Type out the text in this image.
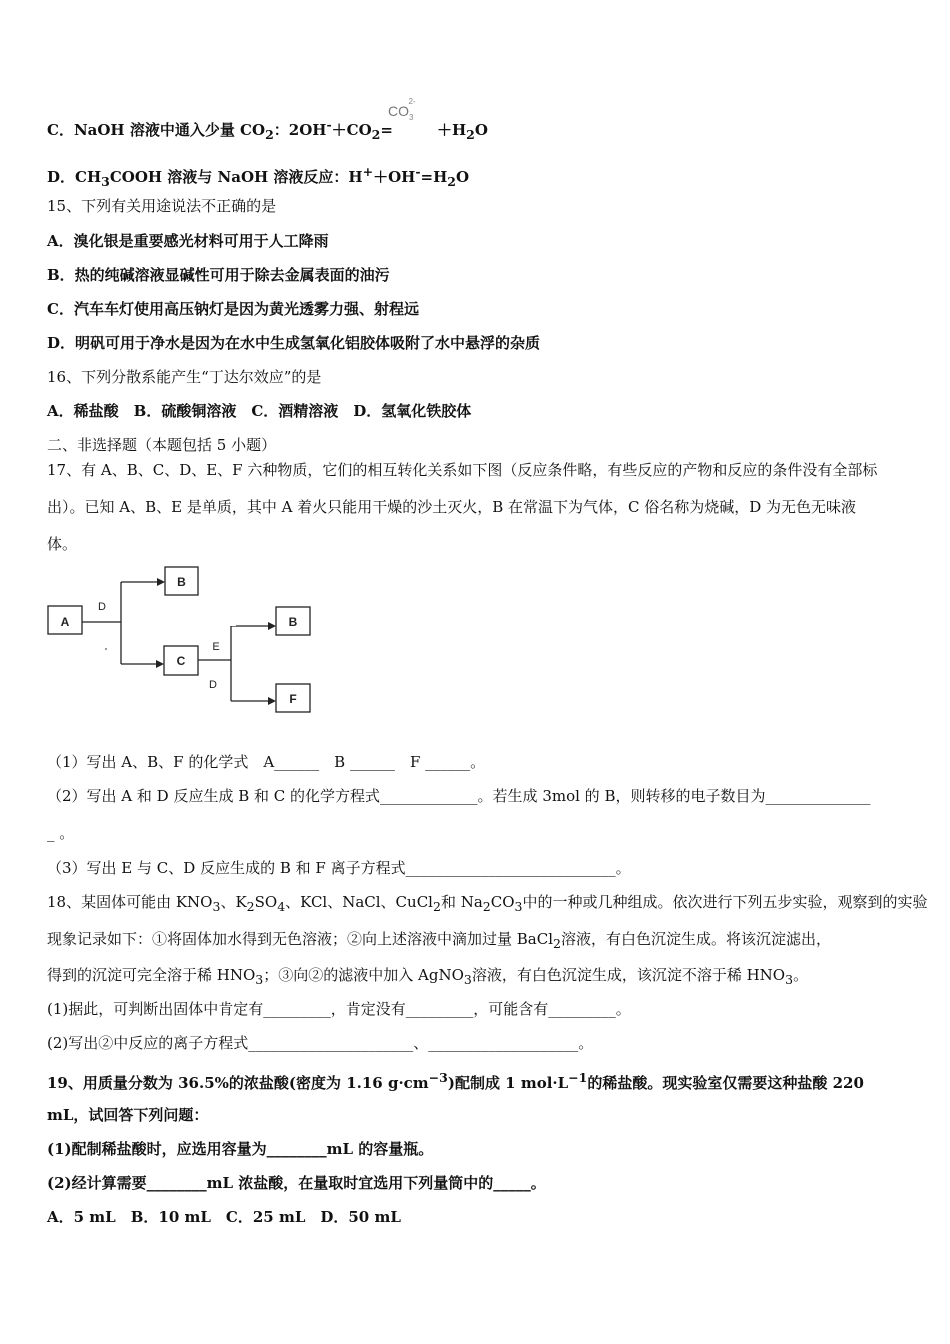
C．NaOH 溶液中通入少量 $CO_2$：$2OH^-+CO_2=$	$+H_2O$
$CO_3^{2-}$
D．$CH_3COOH$ 溶液与 NaOH 溶液反应：$H^++OH^-=H_2O$
15、下列有关用途说法不正确的是
A．溴化银是重要感光材料可用于人工降雨
B．热的纯碱溶液显碱性可用于除去金属表面的油污
C．汽车车灯使用高压钠灯是因为黄光透雾力强、射程远
D．明矾可用于净水是因为在水中生成氢氧化铝胶体吸附了水中悬浮的杂质
16、下列分散系能产生“丁达尔效应”的是
A．稀盐酸　B．硫酸铜溶液　C．酒精溶液　D．氢氧化铁胶体
二、非选择题（本题包括 5 小题）
17、有 A、B、C、D、E、F 六种物质，它们的相互转化关系如下图（反应条件略，有些反应的产物和反应的条件没有全部标
出）。已知 A、B、E 是单质，其中 A 着火只能用干燥的沙土灭火，B 在常温下为气体，C 俗名称为烧碱，D 为无色无味液
体。
A
B
C
B
F
D
E
D
（1）写出 A、B、F 的化学式　A______　B ______　F ______。
（2）写出 A 和 D 反应生成 B 和 C 的化学方程式_____________。若生成 3mol 的 B，则转移的电子数目为______________
_ 。
（3）写出 E 与 C、D 反应生成的 B 和 F 离子方程式____________________________。
18、某固体可能由 $KNO_3$、$K_2SO_4$、KCl、NaCl、CuCl$_2$和 $Na_2CO_3$中的一种或几种组成。依次进行下列五步实验，观察到的实验
现象记录如下：①将固体加水得到无色溶液；②向上述溶液中滴加过量 BaCl$_2$溶液，有白色沉淀生成。将该沉淀滤出，
得到的沉淀可完全溶于稀 $HNO_3$；③向②的滤液中加入 AgNO$_3$溶液，有白色沉淀生成，该沉淀不溶于稀 $HNO_3$。
(1)据此，可判断出固体中肯定有_________，肯定没有_________，可能含有_________。
(2)写出②中反应的离子方程式______________________、____________________。
19、用质量分数为 36.5%的浓盐酸(密度为 1.16 $g\cdot cm^{-3}$)配制成 1 $mol\cdot L^{-1}$的稀盐酸。现实验室仅需要这种盐酸 220
mL，试回答下列问题：
(1)配制稀盐酸时，应选用容量为________mL 的容量瓶。
(2)经计算需要________mL 浓盐酸，在量取时宜选用下列量筒中的_____。
A．5 mL　B．10 mL　C．25 mL　D．50 mL
